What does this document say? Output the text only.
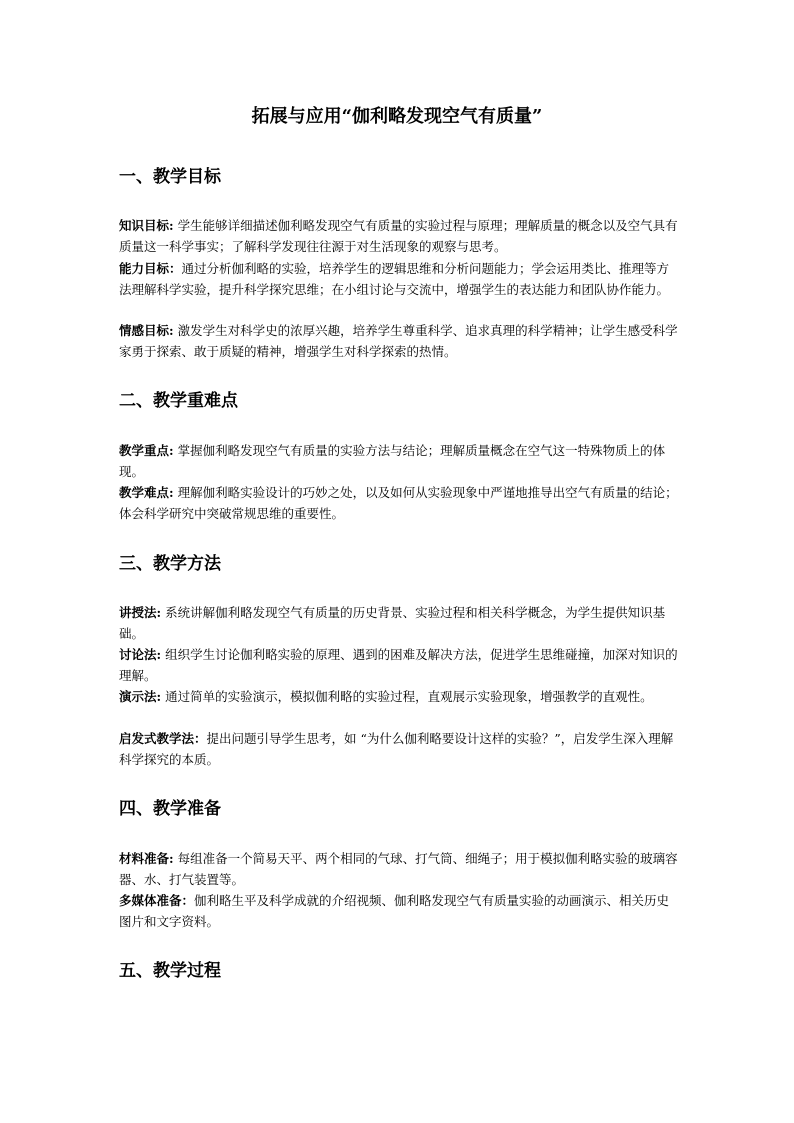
拓展与应用“伽利略发现空气有质量”
一、教学目标

知识目标: 学生能够详细描述伽利略发现空气有质量的实验过程与原理；理解质量的概念以及空气具有质量这一科学事实；了解科学发现往往源于对生活现象的观察与思考。

能力目标：通过分析伽利略的实验，培养学生的逻辑思维和分析问题能力；学会运用类比、推理等方法理解科学实验，提升科学探究思维；在小组讨论与交流中，增强学生的表达能力和团队协作能力。

情感目标: 激发学生对科学史的浓厚兴趣，培养学生尊重科学、追求真理的科学精神；让学生感受科学家勇于探索、敢于质疑的精神，增强学生对科学探索的热情。

二、教学重难点

教学重点: 掌握伽利略发现空气有质量的实验方法与结论；理解质量概念在空气这一特殊物质上的体现。

教学难点: 理解伽利略实验设计的巧妙之处，以及如何从实验现象中严谨地推导出空气有质量的结论；体会科学研究中突破常规思维的重要性。

三、教学方法

讲授法: 系统讲解伽利略发现空气有质量的历史背景、实验过程和相关科学概念，为学生提供知识基础。

讨论法: 组织学生讨论伽利略实验的原理、遇到的困难及解决方法，促进学生思维碰撞，加深对知识的理解。

演示法: 通过简单的实验演示，模拟伽利略的实验过程，直观展示实验现象，增强教学的直观性。

启发式教学法：提出问题引导学生思考，如 “为什么伽利略要设计这样的实验？”，启发学生深入理解科学探究的本质。

四、教学准备

材料准备: 每组准备一个简易天平、两个相同的气球、打气筒、细绳子；用于模拟伽利略实验的玻璃容器、水、打气装置等。

多媒体准备：伽利略生平及科学成就的介绍视频、伽利略发现空气有质量实验的动画演示、相关历史图片和文字资料。

五、教学过程
